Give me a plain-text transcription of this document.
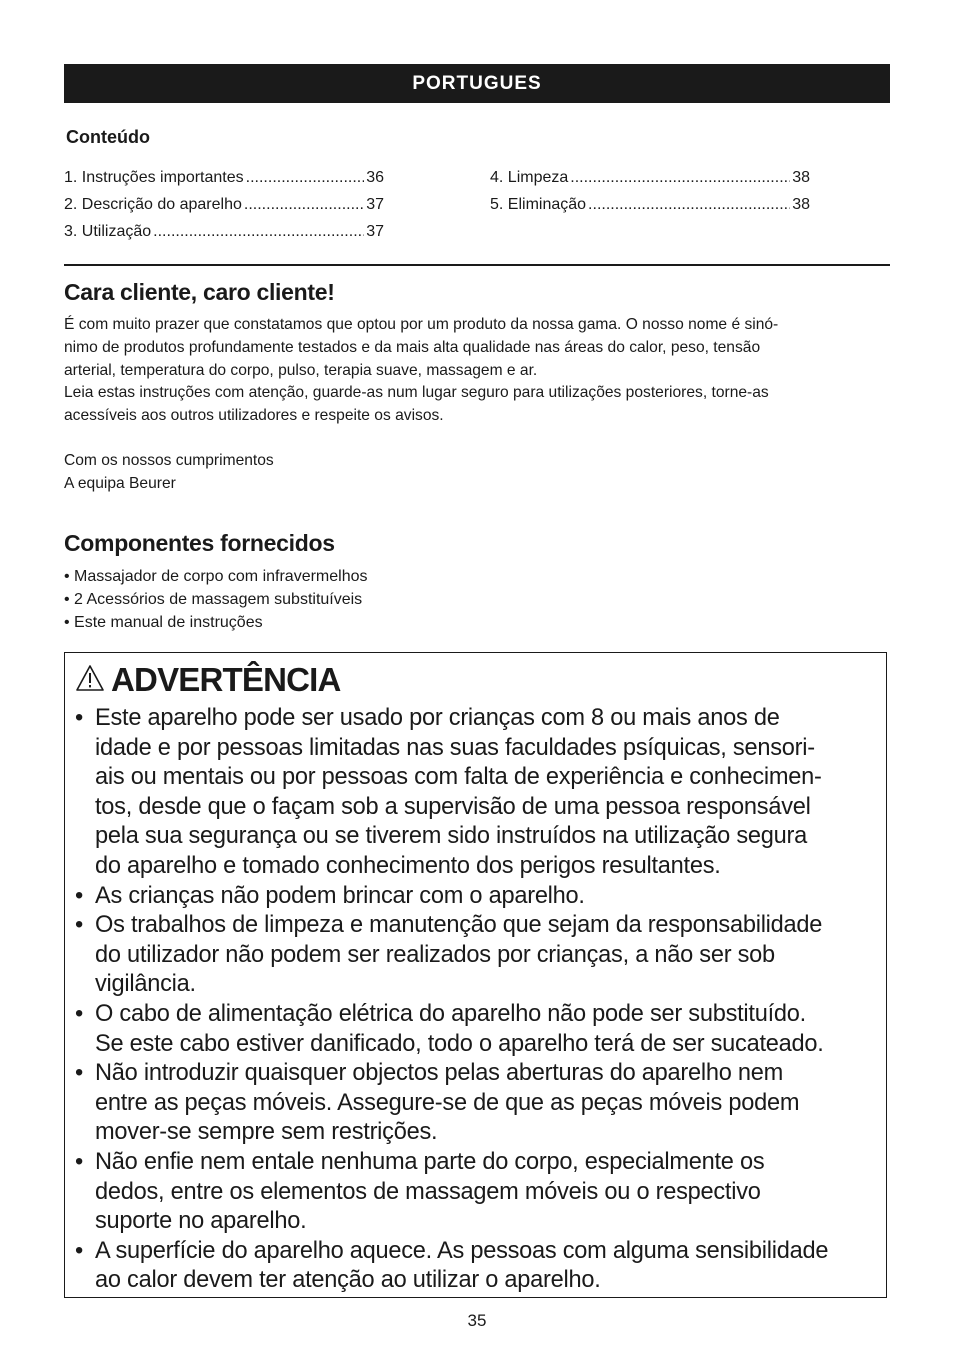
PORTUGUES
Conteúdo
1. Instruções importantes .....	36
2. Descrição do aparelho .....	37
3. Utilização .....	37
4. Limpeza .....	38
5. Eliminação .....	38
Cara cliente, caro cliente!
É com muito prazer que constatamos que optou por um produto da nossa gama. O nosso nome é sinó-
nimo de produtos profundamente testados e da mais alta qualidade nas áreas do calor, peso, tensão
arterial, temperatura do corpo, pulso, terapia suave, massagem e ar.
Leia estas instruções com atenção, guarde-as num lugar seguro para utilizações posteriores, torne-as
acessíveis aos outros utilizadores e respeite os avisos.
Com os nossos cumprimentos
A equipa Beurer
Componentes fornecidos
• Massajador de corpo com infravermelhos
• 2 Acessórios de massagem substituíveis
• Este manual de instruções
ADVERTÊNCIA
• Este aparelho pode ser usado por crianças com 8 ou mais anos de
idade e por pessoas limitadas nas suas faculdades psíquicas, sensori-
ais ou mentais ou por pessoas com falta de experiência e conhecimen-
tos, desde que o façam sob a supervisão de uma pessoa responsável
pela sua segurança ou se tiverem sido instruídos na utilização segura
do aparelho e tomado conhecimento dos perigos resultantes.
• As crianças não podem brincar com o aparelho.
• Os trabalhos de limpeza e manutenção que sejam da responsabilidade
do utilizador não podem ser realizados por crianças, a não ser sob
vigilância.
• O cabo de alimentação elétrica do aparelho não pode ser substituído.
Se este cabo estiver danificado, todo o aparelho terá de ser sucateado.
• Não introduzir quaisquer objectos pelas aberturas do aparelho nem
entre as peças móveis. Assegure-se de que as peças móveis podem
mover-se sempre sem restrições.
• Não enfie nem entale nenhuma parte do corpo, especialmente os
dedos, entre os elementos de massagem móveis ou o respectivo
suporte no aparelho.
• A superfície do aparelho aquece. As pessoas com alguma sensibilidade
ao calor devem ter atenção ao utilizar o aparelho.
35
